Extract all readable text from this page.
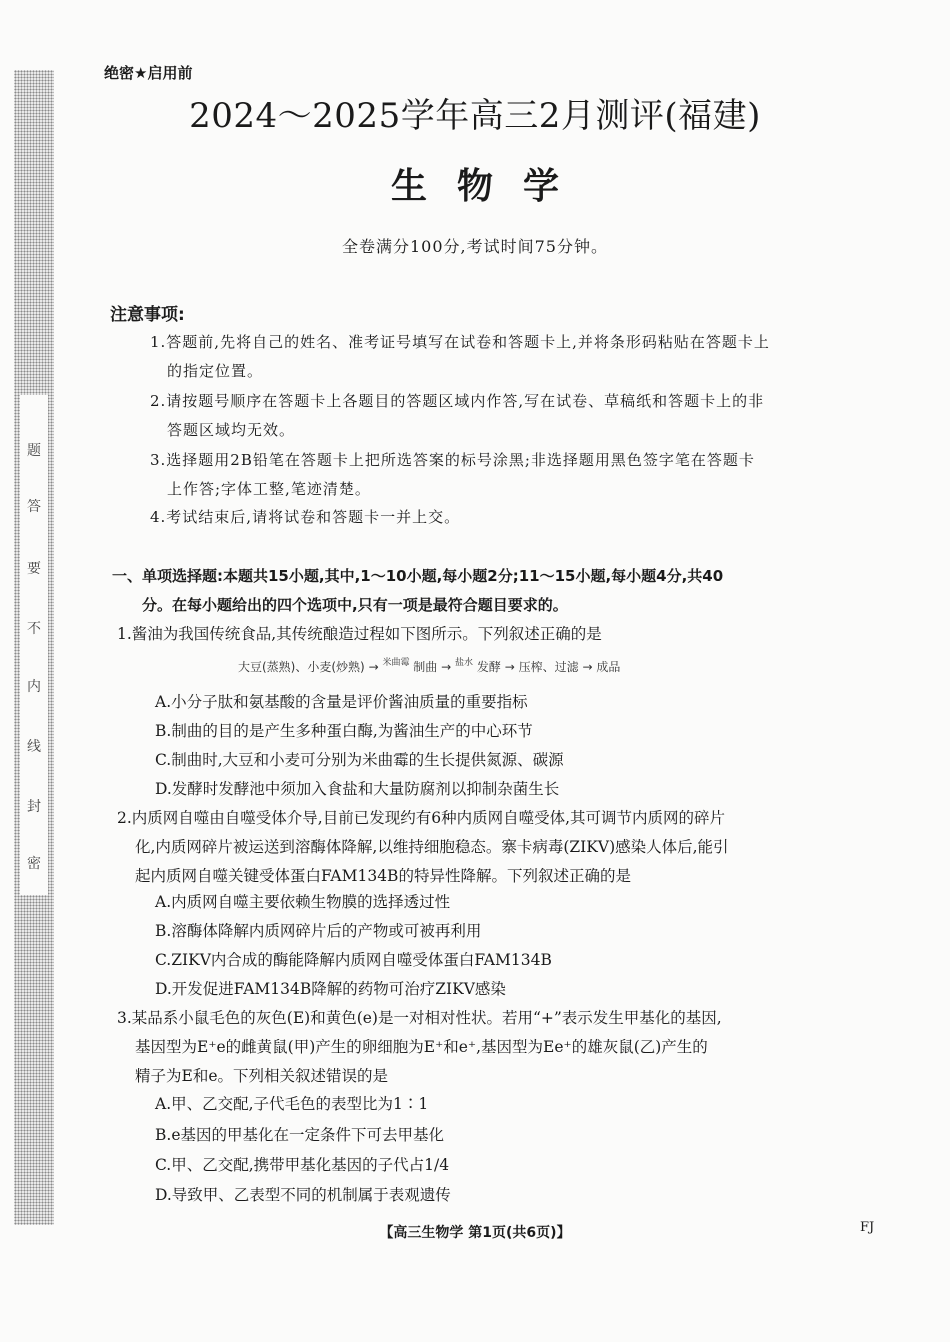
题
答
要
不
内
线
封
密
绝密★启用前
2024～2025学年高三2月测评(福建)
生物学
全卷满分100分,考试时间75分钟。
注意事项:
1.答题前,先将自己的姓名、准考证号填写在试卷和答题卡上,并将条形码粘贴在答题卡上
的指定位置。
2.请按题号顺序在答题卡上各题目的答题区域内作答,写在试卷、草稿纸和答题卡上的非
答题区域均无效。
3.选择题用2B铅笔在答题卡上把所选答案的标号涂黑;非选择题用黑色签字笔在答题卡
上作答;字体工整,笔迹清楚。
4.考试结束后,请将试卷和答题卡一并上交。
一、单项选择题:本题共15小题,其中,1～10小题,每小题2分;11～15小题,每小题4分,共40
分。在每小题给出的四个选项中,只有一项是最符合题目要求的。
1.酱油为我国传统食品,其传统酿造过程如下图所示。下列叙述正确的是
大豆(蒸熟)、小麦(炒熟) → $^{米曲霉}$ 制曲 → $^{盐水}$ 发酵 → 压榨、过滤 → 成品
A.小分子肽和氨基酸的含量是评价酱油质量的重要指标
B.制曲的目的是产生多种蛋白酶,为酱油生产的中心环节
C.制曲时,大豆和小麦可分别为米曲霉的生长提供氮源、碳源
D.发酵时发酵池中须加入食盐和大量防腐剂以抑制杂菌生长
2.内质网自噬由自噬受体介导,目前已发现约有6种内质网自噬受体,其可调节内质网的碎片
化,内质网碎片被运送到溶酶体降解,以维持细胞稳态。寨卡病毒(ZIKV)感染人体后,能引
起内质网自噬关键受体蛋白FAM134B的特异性降解。下列叙述正确的是
A.内质网自噬主要依赖生物膜的选择透过性
B.溶酶体降解内质网碎片后的产物或可被再利用
C.ZIKV内合成的酶能降解内质网自噬受体蛋白FAM134B
D.开发促进FAM134B降解的药物可治疗ZIKV感染
3.某品系小鼠毛色的灰色(E)和黄色(e)是一对相对性状。若用“+”表示发生甲基化的基因,
基因型为E⁺e的雌黄鼠(甲)产生的卵细胞为E⁺和e⁺,基因型为Ee⁺的雄灰鼠(乙)产生的
精子为E和e。下列相关叙述错误的是
A.甲、乙交配,子代毛色的表型比为1∶1
B.e基因的甲基化在一定条件下可去甲基化
C.甲、乙交配,携带甲基化基因的子代占1/4
D.导致甲、乙表型不同的机制属于表观遗传
【高三生物学 第1页(共6页)】	FJ
